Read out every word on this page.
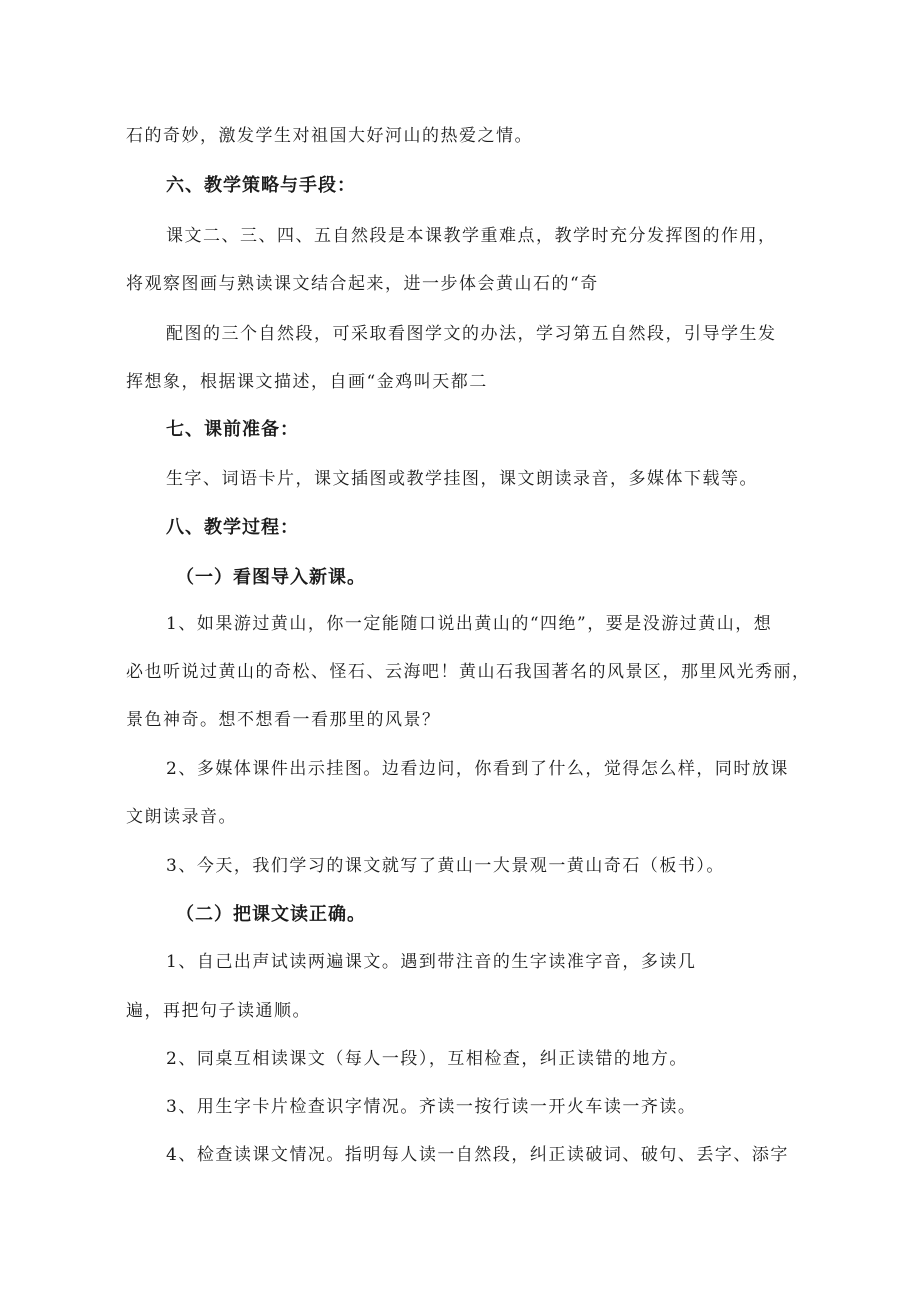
石的奇妙，激发学生对祖国大好河山的热爱之情。
六、教学策略与手段：
课文二、三、四、五自然段是本课教学重难点，教学时充分发挥图的作用，
将观察图画与熟读课文结合起来，进一步体会黄山石的“奇
配图的三个自然段，可采取看图学文的办法，学习第五自然段，引导学生发
挥想象，根据课文描述，自画“金鸡叫天都二
七、课前准备：
生字、词语卡片，课文插图或教学挂图，课文朗读录音，多媒体下载等。
八、教学过程：
（一）看图导入新课。
1、如果游过黄山，你一定能随口说出黄山的“四绝”，要是没游过黄山，想
必也听说过黄山的奇松、怪石、云海吧！黄山石我国著名的风景区，那里风光秀丽，
景色神奇。想不想看一看那里的风景？
2、多媒体课件出示挂图。边看边问，你看到了什么，觉得怎么样，同时放课
文朗读录音。
3、今天，我们学习的课文就写了黄山一大景观一黄山奇石（板书）。
（二）把课文读正确。
1、自己出声试读两遍课文。遇到带注音的生字读准字音，多读几
遍，再把句子读通顺。
2、同桌互相读课文（每人一段），互相检查，纠正读错的地方。
3、用生字卡片检查识字情况。齐读一按行读一开火车读一齐读。
4、检查读课文情况。指明每人读一自然段，纠正读破词、破句、丢字、添字
